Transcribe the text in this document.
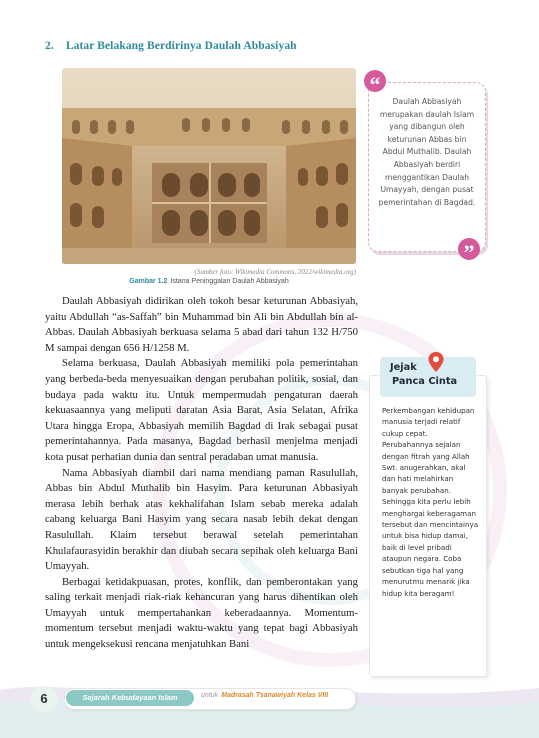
2. Latar Belakang Berdirinya Daulah Abbasiyah
(Sumber foto: Wikimedia Commons, 2022/wikimedia.org)
Gambar 1.2 Istana Peninggalan Daulah Abbasiyah
“
Daulah Abbasiyah merupakan daulah Islam yang dibangun oleh keturunan Abbas bin Abdul Muthalib. Daulah Abbasiyah berdiri menggantikan Daulah Umayyah, dengan pusat pemerintahan di Bagdad.
”

Daulah Abbasiyah didirikan oleh tokoh besar keturunan Abbasiyah, yaitu Abdullah “as-Saffah” bin Muhammad bin Ali bin Abdullah bin al-Abbas. Daulah Abbasiyah berkuasa selama 5 abad dari tahun 132 H/750 M sampai dengan 656 H/1258 M.

Selama berkuasa, Daulah Abbasiyah memiliki pola pemerintahan yang berbeda-beda menyesuaikan dengan perubahan politik, sosial, dan budaya pada waktu itu. Untuk mempermudah pengaturan daerah kekuasaannya yang meliputi daratan Asia Barat, Asia Selatan, Afrika Utara hingga Eropa, Abbasiyah memilih Bagdad di Irak sebagai pusat pemerintahannya. Pada masanya, Bagdad berhasil menjelma menjadi kota pusat perhatian dunia dan sentral peradaban umat manusia.

Nama Abbasiyah diambil dari nama mendiang paman Rasulullah, Abbas bin Abdul Muthalib bin Hasyim. Para keturunan Abbasiyah merasa lebih berhak atas kekhalifahan Islam sebab mereka adalah cabang keluarga Bani Hasyim yang secara nasab lebih dekat dengan Rasulullah. Klaim tersebut berawal setelah pemerintahan Khulafaurasyidin berakhir dan diubah secara sepihak oleh keluarga Bani Umayyah.

Berbagai ketidakpuasan, protes, konflik, dan pemberontakan yang saling terkait menjadi riak-riak kehancuran yang harus dihentikan oleh Umayyah untuk mempertahankan keberadaannya. Momentum-momentum tersebut menjadi waktu-waktu yang tepat bagi Abbasiyah untuk mengeksekusi rencana menjatuhkan Bani

Jejak
Panca Cinta
Perkembangan kehidupan manusia terjadi relatif cukup cepat. Perubahannya sejalan dengan fitrah yang Allah Swt. anugerahkan, akal dan hati melahirkan banyak perubahan. Sehingga kita perlu lebih menghargai keberagaman tersebut dan mencintainya untuk bisa hidup damai, baik di level pribadi ataupun negara. Coba sebutkan tiga hal yang menurutmu menarik jika hidup kita beragam!
6	Sejarah Kebudayaan Islam	untuk Madrasah Tsanawiyah Kelas VIII
